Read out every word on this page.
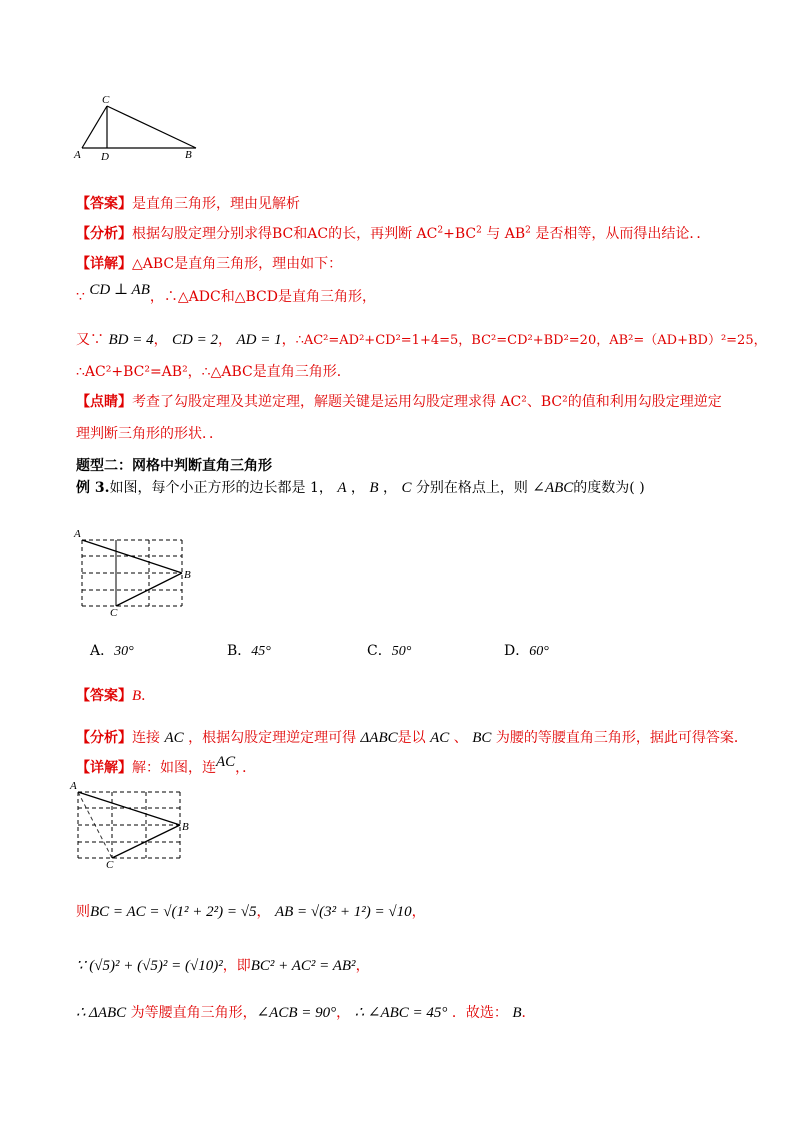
C
A D	B
【答案】是直角三角形，理由见解析
【分析】根据勾股定理分别求得BC和AC的长，再判断 $AC^2+BC^2$ 与 $AB^2$ 是否相等，从而得出结论．．
【详解】△ABC是直角三角形，理由如下：
∵ CD ⊥ AB，∴△ADC和△BCD是直角三角形，
又∵ BD = 4， CD = 2， AD = 1，∴AC²=AD²+CD²=1+4=5，BC²=CD²+BD²=20，AB²=（AD+BD）²=25，
∴AC²+BC²=AB²，∴△ABC是直角三角形．
【点睛】考查了勾股定理及其逆定理，解题关键是运用勾股定理求得 AC²、BC²的值和利用勾股定理逆定
理判断三角形的形状．．
题型二：网格中判断直角三角形
例 3.如图，每个小正方形的边长都是 1， A ， B ， C 分别在格点上，则 ∠ABC的度数为( )
A
B
C
A．30°	B．45°	C．50°	D．60°
【答案】B．
【分析】连接 AC ，根据勾股定理逆定理可得 ΔABC是以 AC 、 BC 为腰的等腰直角三角形，据此可得答案．
【详解】解：如图，连AC，．
A
B
C
则BC = AC = √(1² + 2²) = √5， AB = √(3² + 1²) = √10，
∵ (√5)² + (√5)² = (√10)²，即BC² + AC² = AB²，
∴ ΔABC 为等腰直角三角形，∠ACB = 90°， ∴ ∠ABC = 45° ．故选： B．
